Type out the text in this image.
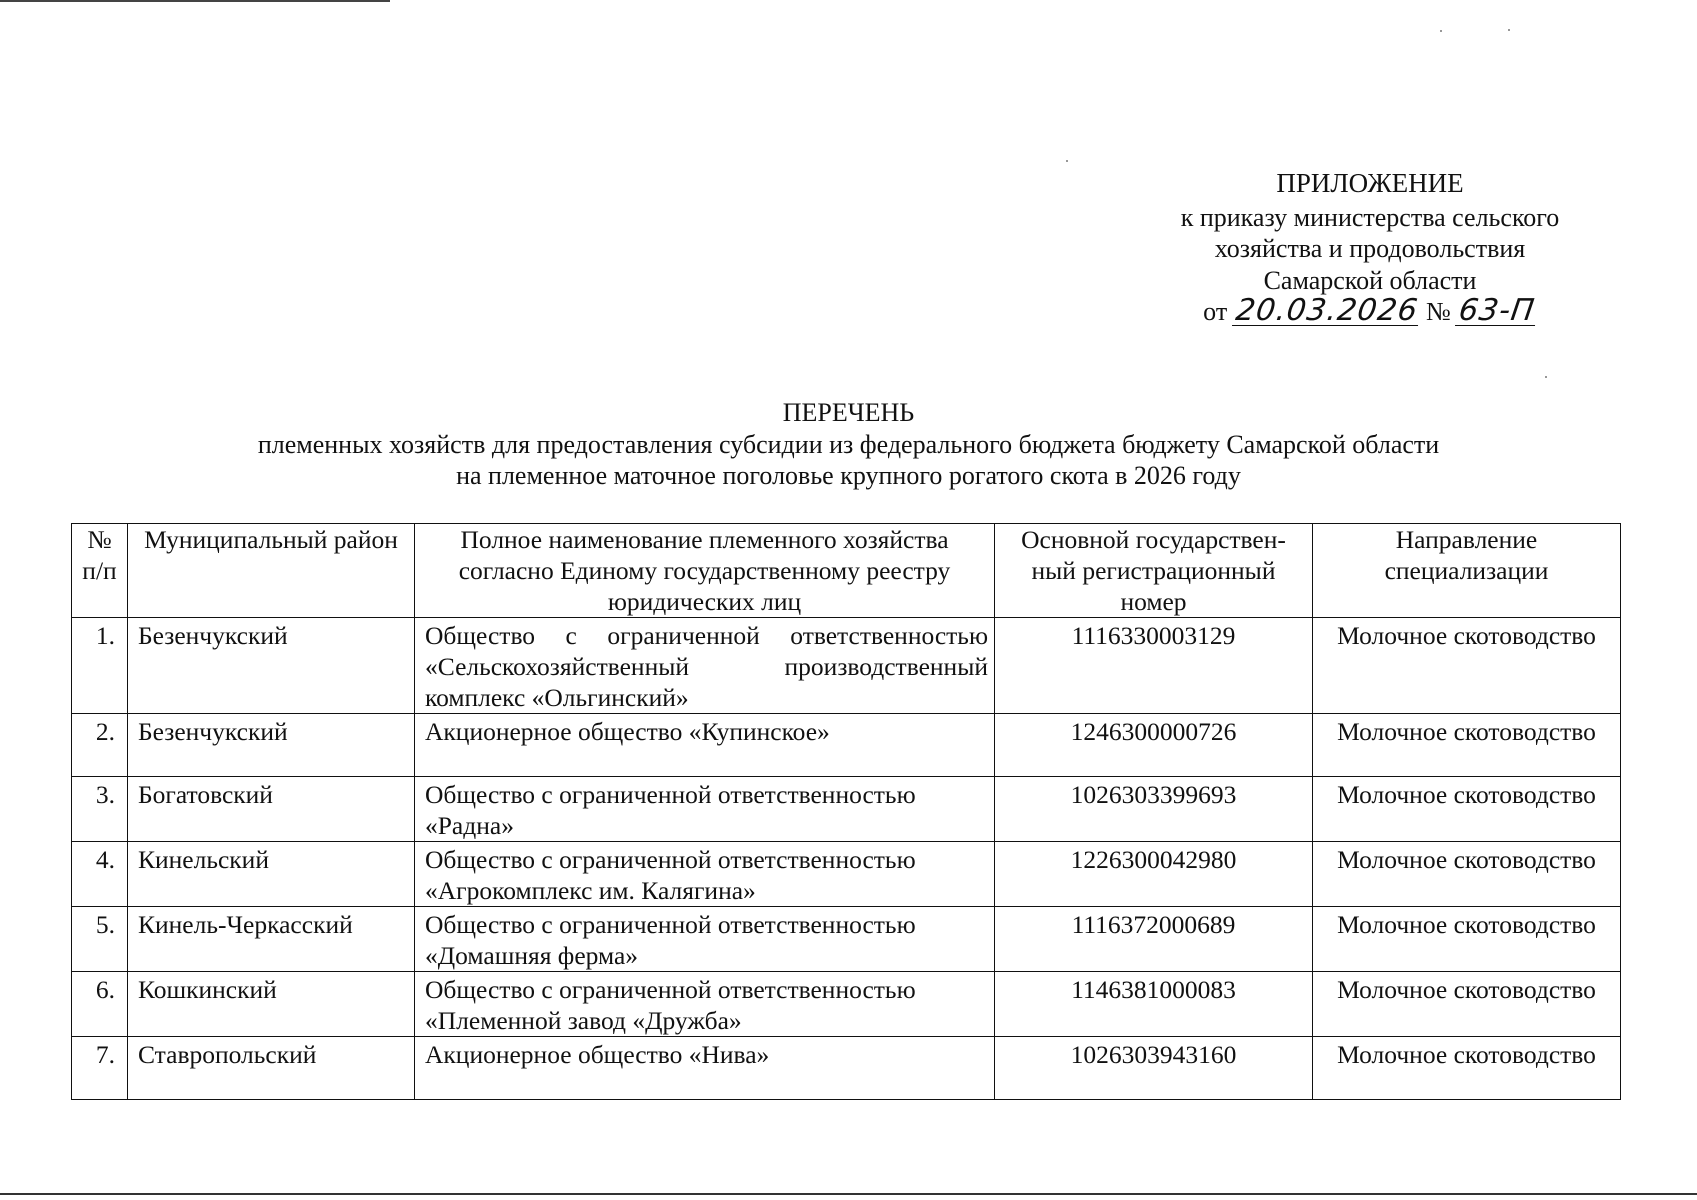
ПРИЛОЖЕНИЕ
к приказу министерства сельского
хозяйства и продовольствия
Самарской области
от 20.03.2026 № 63-П
ПЕРЕЧЕНЬ
племенных хозяйств для предоставления субсидии из федерального бюджета бюджету Самарской области
на племенное маточное поголовье крупного рогатого скота в 2026 году
№ п/п	Муниципальный район	Полное наименование племенного хозяйства согласно Единому государственному реестру юридических лиц	Основной государствен-ный регистрационный номер	Направление специализации
1.	Безенчукский	Общество с ограниченной ответственностью «Сельскохозяйственный производственный комплекс «Ольгинский»	1116330003129	Молочное скотоводство
2.	Безенчукский	Акционерное общество «Купинское»	1246300000726	Молочное скотоводство
3.	Богатовский	Общество с ограниченной ответственностью «Радна»	1026303399693	Молочное скотоводство
4.	Кинельский	Общество с ограниченной ответственностью «Агрокомплекс им. Калягина»	1226300042980	Молочное скотоводство
5.	Кинель-Черкасский	Общество с ограниченной ответственностью «Домашняя ферма»	1116372000689	Молочное скотоводство
6.	Кошкинский	Общество с ограниченной ответственностью «Племенной завод «Дружба»	1146381000083	Молочное скотоводство
7.	Ставропольский	Акционерное общество «Нива»	1026303943160	Молочное скотоводство
